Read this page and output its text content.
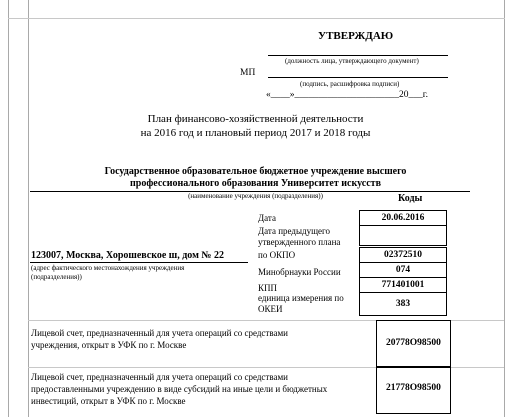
УТВЕРЖДАЮ
(должность лица, утверждающего документ)
МП
(подпись, расшифровка подписи)
«____»______________________20___г.
План финансово-хозяйственной деятельности
на 2016 год и плановый период 2017 и 2018 годы
Государственное образовательное бюджетное учреждение высшего
профессионального образования Университет искусств
(наименование учреждения (подразделения))	Коды
Дата
Дата предыдущего
утвержденного плана
по ОКПО
Минобрнауки России
КПП
единица измерения по
ОКЕИ
20.06.2016
02372510
074
771401001
383
123007, Москва, Хорошевское ш, дом № 22
(адрес фактического местонахождения учреждения
(подразделения))
Лицевой счет, предназначенный для учета операций со средствами
учреждения, открыт в УФК по г. Москве	20778О98500
Лицевой счет, предназначенный для учета операций со средствами
предоставленными учреждению в виде субсидий на иные цели и бюджетных
инвестиций, открыт в УФК по г. Москве
21778О98500
